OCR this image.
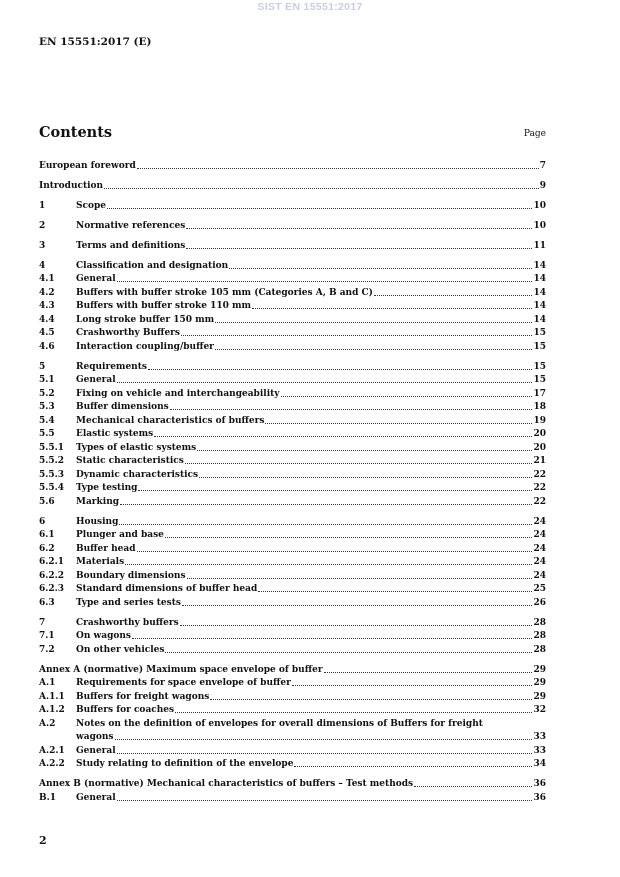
SIST EN 15551:2017
EN 15551:2017 (E)
Contents	Page
European foreword	7
Introduction	9
1	Scope	10
2	Normative references	10
3	Terms and definitions	11
4	Classification and designation	14
4.1	General	14
4.2	Buffers with buffer stroke 105 mm (Categories A, B and C)	14
4.3	Buffers with buffer stroke 110 mm	14
4.4	Long stroke buffer 150 mm	14
4.5	Crashworthy Buffers	15
4.6	Interaction coupling/buffer	15
5	Requirements	15
5.1	General	15
5.2	Fixing on vehicle and interchangeability	17
5.3	Buffer dimensions	18
5.4	Mechanical characteristics of buffers	19
5.5	Elastic systems	20
5.5.1	Types of elastic systems	20
5.5.2	Static characteristics	21
5.5.3	Dynamic characteristics	22
5.5.4	Type testing	22
5.6	Marking	22
6	Housing	24
6.1	Plunger and base	24
6.2	Buffer head	24
6.2.1	Materials	24
6.2.2	Boundary dimensions	24
6.2.3	Standard dimensions of buffer head	25
6.3	Type and series tests	26
7	Crashworthy buffers	28
7.1	On wagons	28
7.2	On other vehicles	28
Annex A (normative) Maximum space envelope of buffer	29
A.1	Requirements for space envelope of buffer	29
A.1.1	Buffers for freight wagons	29
A.1.2	Buffers for coaches	32
A.2	Notes on the definition of envelopes for overall dimensions of Buffers for freight
wagons	33
A.2.1	General	33
A.2.2	Study relating to definition of the envelope	34
Annex B (normative) Mechanical characteristics of buffers – Test methods	36
B.1	General	36
2
